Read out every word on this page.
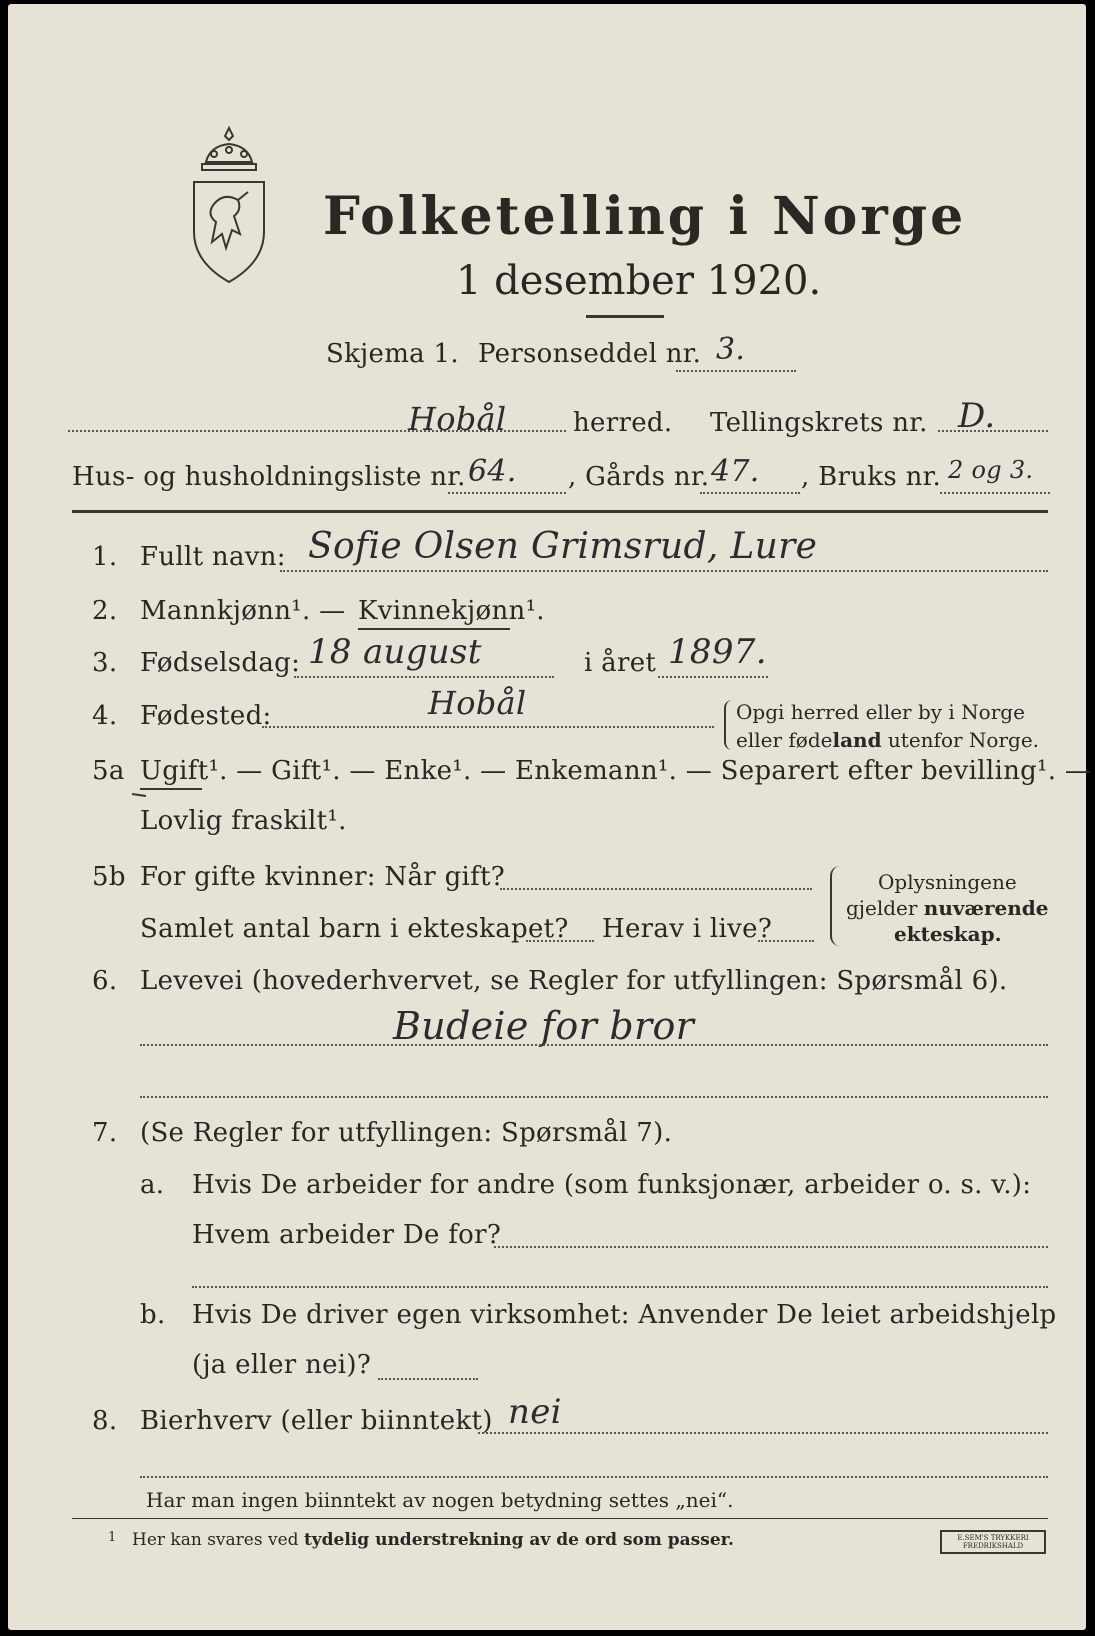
Folketelling i Norge
1 desember 1920.
Skjema 1. Personseddel nr. 3.
Hobål	herred. Tellingskrets nr. D.
Hus- og husholdningsliste nr. 64. , Gårds nr. 47. , Bruks nr. 2 og 3.
1. Fullt navn: Sofie Olsen Grimsrud, Lure
2. Mannkjønn¹. — Kvinnekjønn¹.
3. Fødselsdag: 18 august	i året 1897.
4. Fødested:	Hobål	Opgi herred eller by i Norge
eller fødeland utenfor Norge.
5a Ugift¹. — Gift¹. — Enke¹. — Enkemann¹. — Separert efter bevilling¹. —
Lovlig fraskilt¹.
5b For gifte kvinner: Når gift?
Samlet antal barn i ekteskapet? Herav i live?
Oplysningene
gjelder nuværende
ekteskap.
6. Levevei (hovederhvervet, se Regler for utfyllingen: Spørsmål 6).
Budeie for bror
7. (Se Regler for utfyllingen: Spørsmål 7).
a. Hvis De arbeider for andre (som funksjonær, arbeider o. s. v.):
Hvem arbeider De for?
b. Hvis De driver egen virksomhet: Anvender De leiet arbeidshjelp
(ja eller nei)?
8. Bierhverv (eller biinntekt) nei
Har man ingen biinntekt av nogen betydning settes „nei“.
1 Her kan svares ved tydelig understrekning av de ord som passer.	E.SEM'S TRYKKERI FREDRIKSHALD
